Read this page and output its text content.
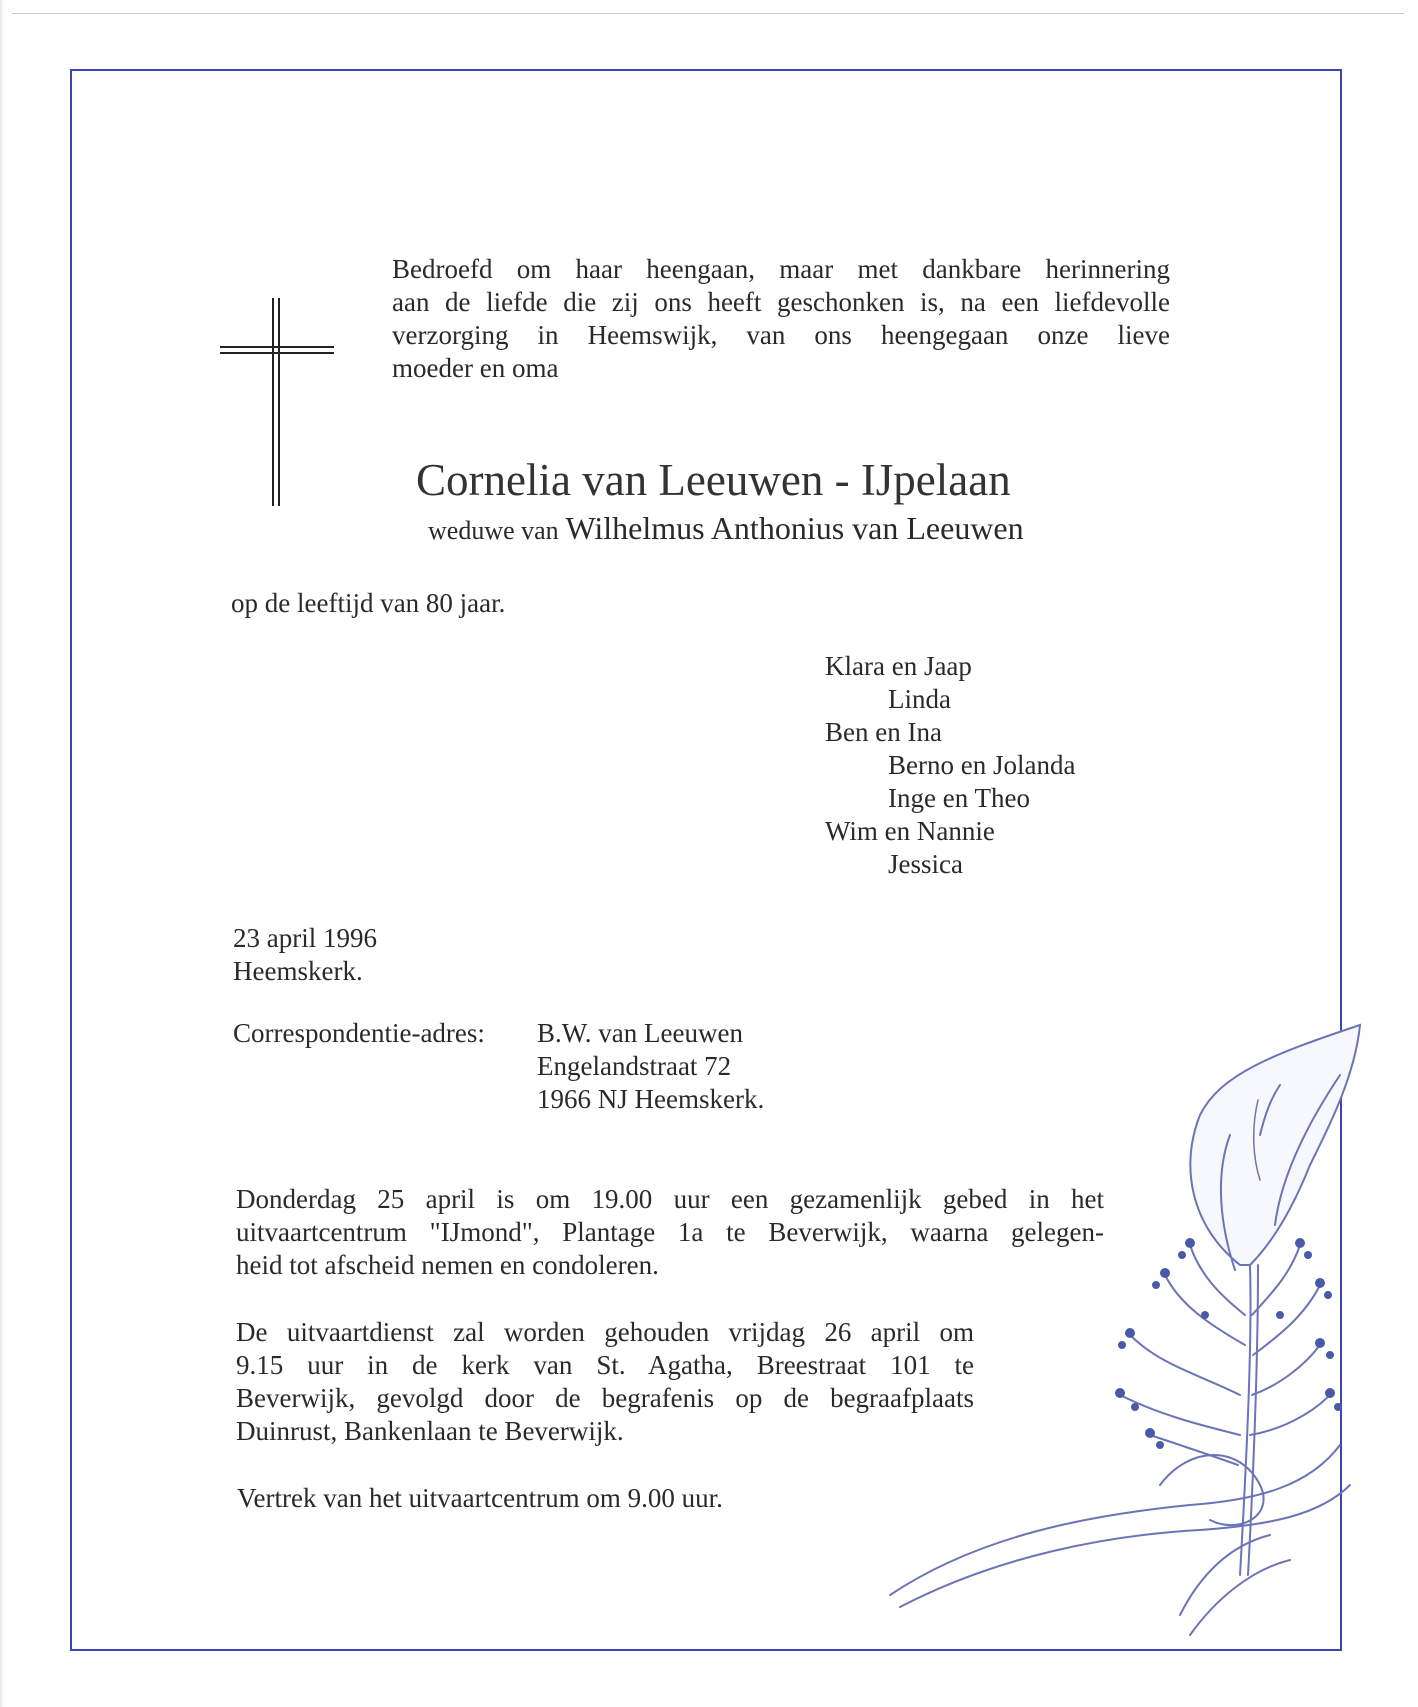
Bedroefd om haar heengaan, maar met dankbare herinnering
aan de liefde die zij ons heeft geschonken is, na een liefdevolle
verzorging in Heemswijk, van ons heengegaan onze lieve
moeder en oma
Cornelia van Leeuwen - IJpelaan
weduwe van Wilhelmus Anthonius van Leeuwen
op de leeftijd van 80 jaar.
Klara en Jaap
Linda
Ben en Ina
Berno en Jolanda
Inge en Theo
Wim en Nannie
Jessica
23 april 1996
Heemskerk.
Correspondentie-adres: B.W. van Leeuwen
Engelandstraat 72
1966 NJ Heemskerk.
Donderdag 25 april is om 19.00 uur een gezamenlijk gebed in het
uitvaartcentrum "IJmond", Plantage 1a te Beverwijk, waarna gelegen-
heid tot afscheid nemen en condoleren.
De uitvaartdienst zal worden gehouden vrijdag 26 april om
9.15 uur in de kerk van St. Agatha, Breestraat 101 te
Beverwijk, gevolgd door de begrafenis op de begraafplaats
Duinrust, Bankenlaan te Beverwijk.
Vertrek van het uitvaartcentrum om 9.00 uur.
